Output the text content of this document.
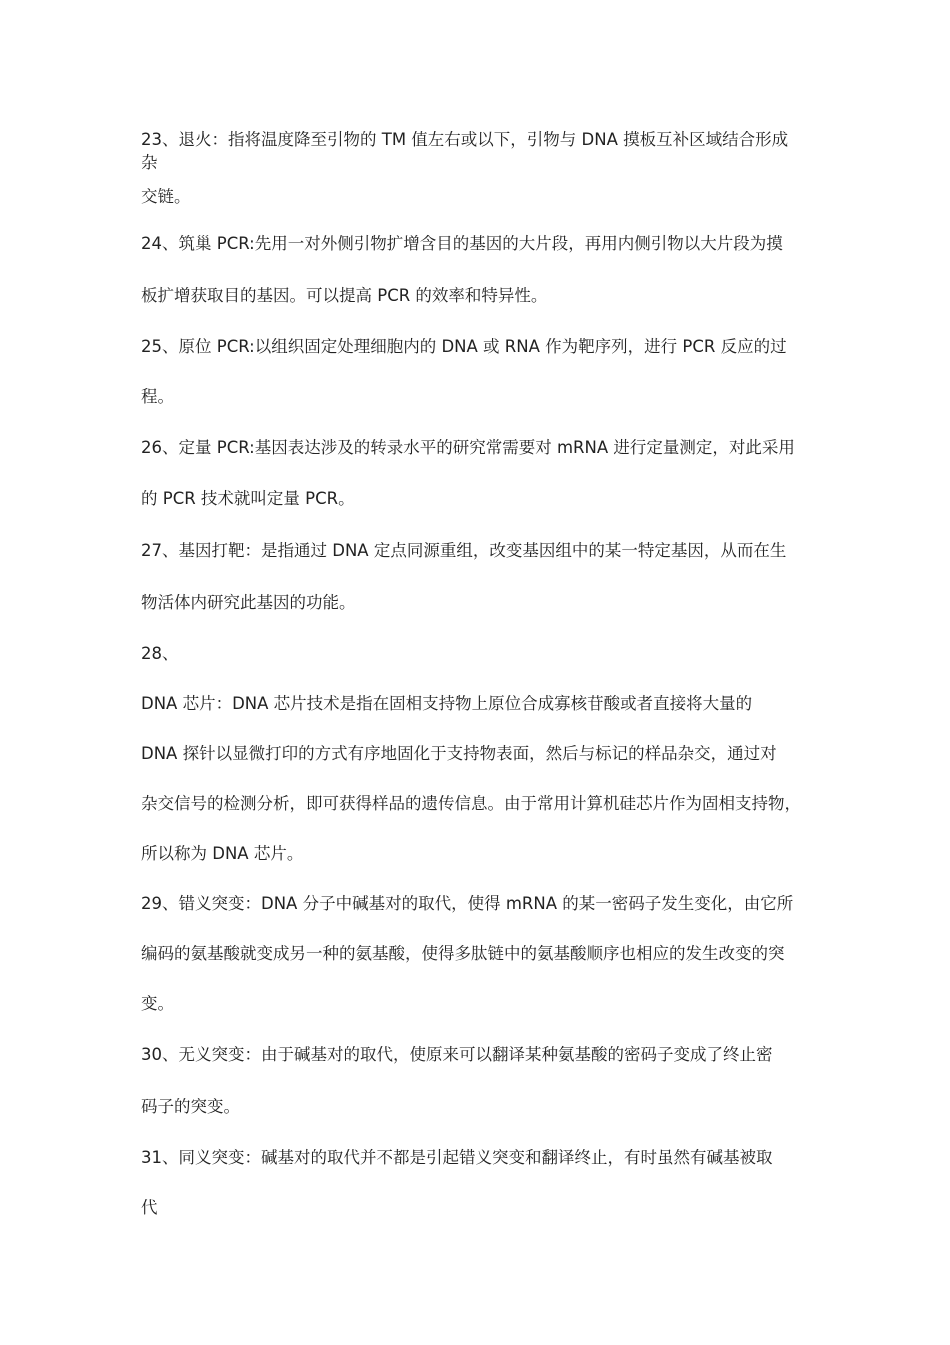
23、退火：指将温度降至引物的 TM 值左右或以下，引物与 DNA 摸板互补区域结合形成
杂
交链。
24、筑巢 PCR:先用一对外侧引物扩增含目的基因的大片段，再用内侧引物以大片段为摸
板扩增获取目的基因。可以提高 PCR 的效率和特异性。
25、原位 PCR:以组织固定处理细胞内的 DNA 或 RNA 作为靶序列，进行 PCR 反应的过
程。
26、定量 PCR:基因表达涉及的转录水平的研究常需要对 mRNA 进行定量测定，对此采用
的 PCR 技术就叫定量 PCR。
27、基因打靶：是指通过 DNA 定点同源重组，改变基因组中的某一特定基因，从而在生
物活体内研究此基因的功能。
28、
DNA 芯片：DNA 芯片技术是指在固相支持物上原位合成寡核苷酸或者直接将大量的
DNA 探针以显微打印的方式有序地固化于支持物表面，然后与标记的样品杂交，通过对
杂交信号的检测分析，即可获得样品的遗传信息。由于常用计算机硅芯片作为固相支持物，
所以称为 DNA 芯片。
29、错义突变：DNA 分子中碱基对的取代，使得 mRNA 的某一密码子发生变化，由它所
编码的氨基酸就变成另一种的氨基酸，使得多肽链中的氨基酸顺序也相应的发生改变的突
变。
30、无义突变：由于碱基对的取代，使原来可以翻译某种氨基酸的密码子变成了终止密
码子的突变。
31、同义突变：碱基对的取代并不都是引起错义突变和翻译终止，有时虽然有碱基被取
代
